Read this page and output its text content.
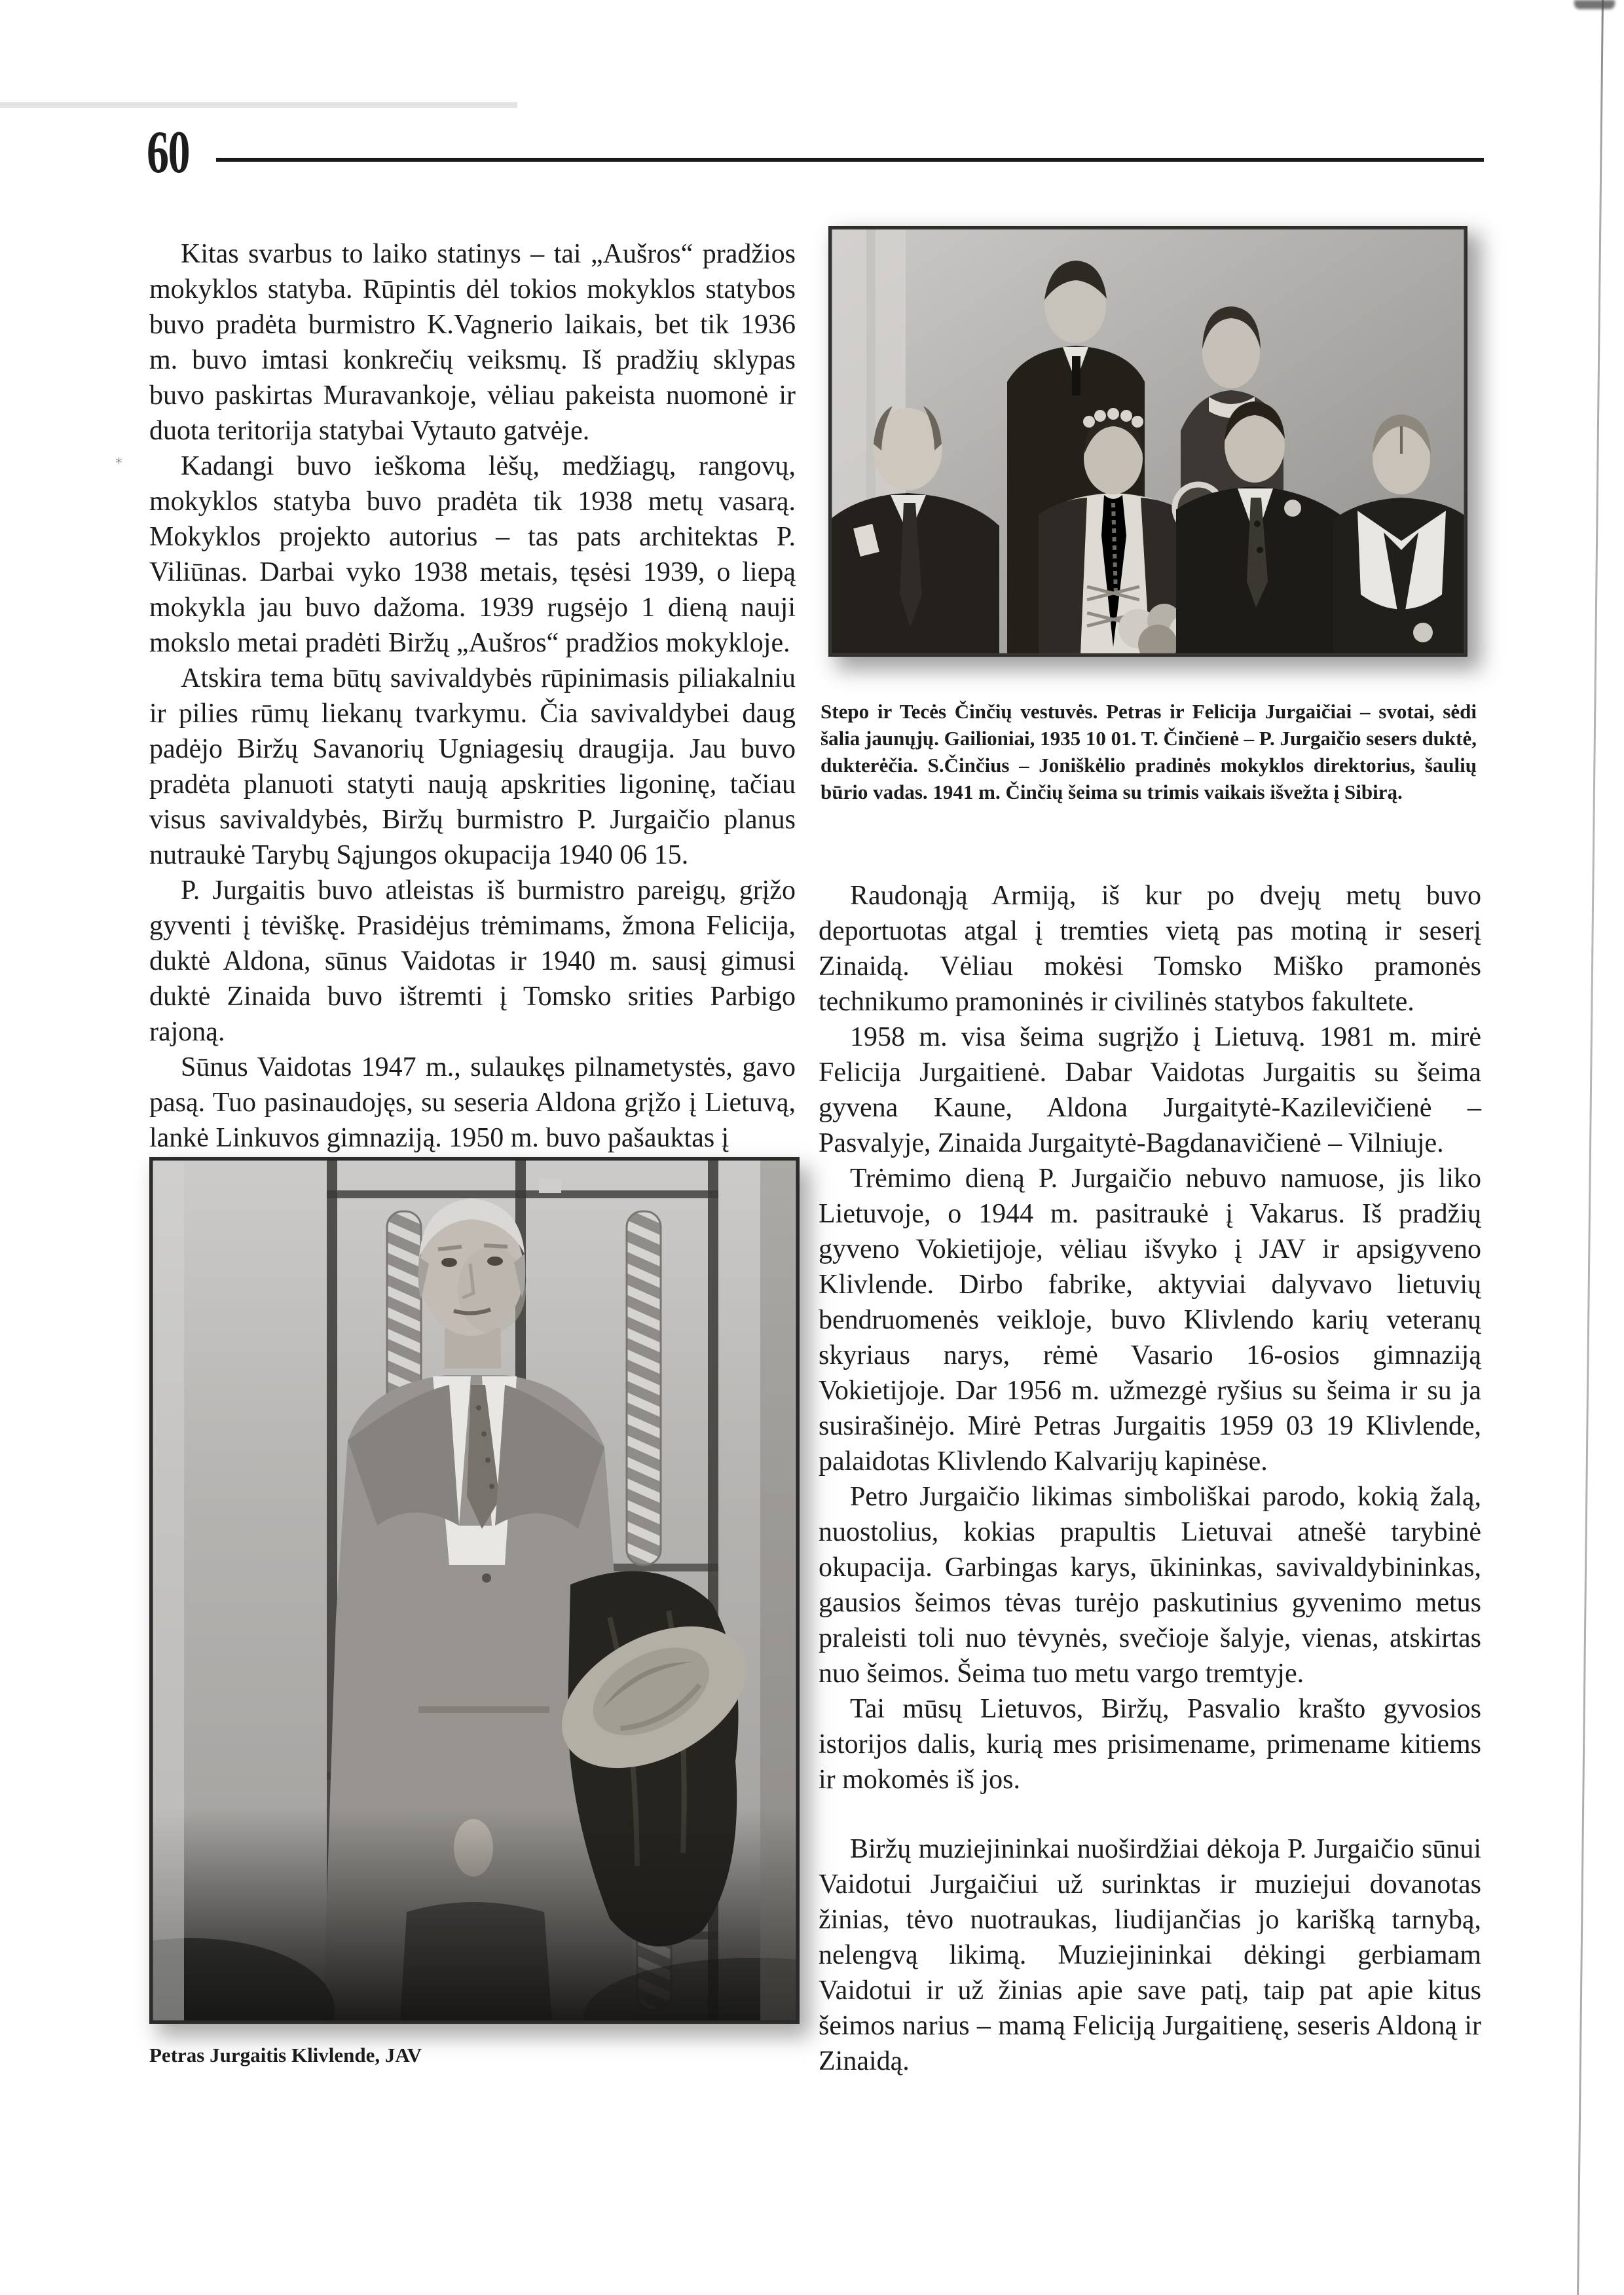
60
⁎

Kitas svarbus to laiko statinys – tai „Aušros“ pradžios mokyklos statyba. Rūpintis dėl tokios mokyklos statybos buvo pradėta burmistro K.Vagnerio laikais, bet tik 1936 m. buvo imtasi konkrečių veiksmų. Iš pradžių sklypas buvo paskirtas Muravankoje, vėliau pakeista nuomonė ir duota teritorija statybai Vytauto gatvėje.

Kadangi buvo ieškoma lėšų, medžiagų, rangovų, mokyklos statyba buvo pradėta tik 1938 metų vasarą. Mokyklos projekto autorius – tas pats architektas P. Viliūnas. Darbai vyko 1938 metais, tęsėsi 1939, o liepą mokykla jau buvo dažoma. 1939 rugsėjo 1 dieną nauji mokslo metai pradėti Biržų „Aušros“ pradžios mokykloje.

Atskira tema būtų savivaldybės rūpinimasis piliakalniu ir pilies rūmų liekanų tvarkymu. Čia savivaldybei daug padėjo Biržų Savanorių Ugniagesių draugija. Jau buvo pradėta planuoti statyti naują apskrities ligoninę, tačiau visus savivaldybės, Biržų burmistro P. Jurgaičio planus nutraukė Tarybų Sąjungos okupacija 1940 06 15.

P. Jurgaitis buvo atleistas iš burmistro pareigų, grįžo gyventi į tėviškę. Prasidėjus trėmimams, žmona Felicija, duktė Aldona, sūnus Vaidotas ir 1940 m. sausį gimusi duktė Zinaida buvo ištremti į Tomsko srities Parbigo rajoną.

Sūnus Vaidotas 1947 m., sulaukęs pilnametystės, gavo pasą. Tuo pasinaudojęs, su seseria Aldona grįžo į Lietuvą, lankė Linkuvos gimnaziją. 1950 m. buvo pašauktas į

Stepo ir Tecės Činčių vestuvės. Petras ir Felicija Jurgaičiai – svotai, sėdi šalia jaunųjų. Gailioniai, 1935 10 01. T. Činčienė – P. Jurgaičio sesers duktė, dukterėčia. S.Činčius – Joniškėlio pradinės mokyklos direktorius, šaulių būrio vadas. 1941 m. Činčių šeima su trimis vaikais išvežta į Sibirą.

Raudonąją Armiją, iš kur po dvejų metų buvo deportuotas atgal į tremties vietą pas motiną ir seserį Zinaidą. Vėliau mokėsi Tomsko Miško pramonės technikumo pramoninės ir civilinės statybos fakultete.

1958 m. visa šeima sugrįžo į Lietuvą. 1981 m. mirė Felicija Jurgaitienė. Dabar Vaidotas Jurgaitis su šeima gyvena Kaune, Aldona Jurgaitytė-Kazilevičienė – Pasvalyje, Zinaida Jurgaitytė-Bagdanavičienė – Vilniuje.

Trėmimo dieną P. Jurgaičio nebuvo namuose, jis liko Lietuvoje, o 1944 m. pasitraukė į Vakarus. Iš pradžių gyveno Vokietijoje, vėliau išvyko į JAV ir apsigyveno Klivlende. Dirbo fabrike, aktyviai dalyvavo lietuvių bendruomenės veikloje, buvo Klivlendo karių veteranų skyriaus narys, rėmė Vasario 16-osios gimnaziją Vokietijoje. Dar 1956 m. užmezgė ryšius su šeima ir su ja susirašinėjo. Mirė Petras Jurgaitis 1959 03 19 Klivlende, palaidotas Klivlendo Kalvarijų kapinėse.

Petro Jurgaičio likimas simboliškai parodo, kokią žalą, nuostolius, kokias prapultis Lietuvai atnešė tarybinė okupacija. Garbingas karys, ūkininkas, savivaldybininkas, gausios šeimos tėvas turėjo paskutinius gyvenimo metus praleisti toli nuo tėvynės, svečioje šalyje, vienas, atskirtas nuo šeimos. Šeima tuo metu vargo tremtyje.

Tai mūsų Lietuvos, Biržų, Pasvalio krašto gyvosios istorijos dalis, kurią mes prisimename, primename kitiems ir mokomės iš jos.

Biržų muziejininkai nuoširdžiai dėkoja P. Jurgaičio sūnui Vaidotui Jurgaičiui už surinktas ir muziejui dovanotas žinias, tėvo nuotraukas, liudijančias jo karišką tarnybą, nelengvą likimą. Muziejininkai dėkingi gerbiamam Vaidotui ir už žinias apie save patį, taip pat apie kitus šeimos narius – mamą Feliciją Jurgaitienę, seseris Aldoną ir Zinaidą.

Petras Jurgaitis Klivlende, JAV
